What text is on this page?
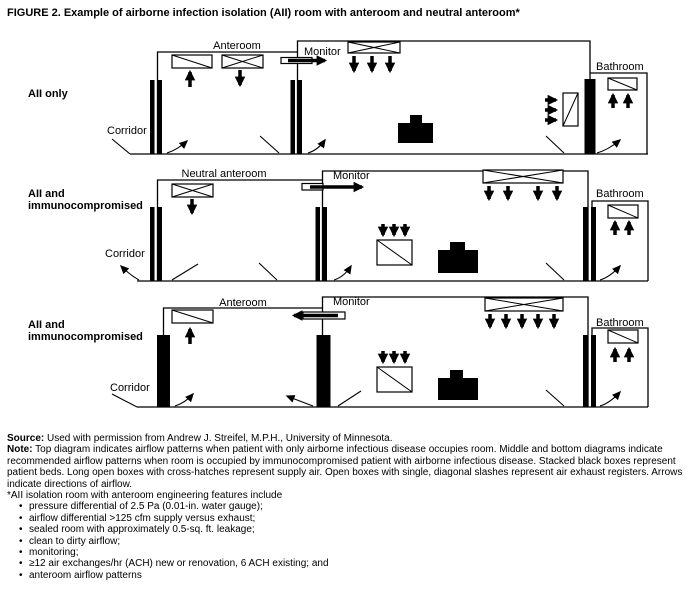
FIGURE 2. Example of airborne infection isolation (AII) room with anteroom and neutral anteroom*
AII only
AII and immunocompromised
AII and immunocompromised
Anteroom	Monitor
Bathroom
Corridor
Neutral anteroom	Monitor
Bathroom
Corridor
Anteroom	Monitor
Bathroom
Corridor

Source: Used with permission from Andrew J. Streifel, M.P.H., University of Minnesota.

Note: Top diagram indicates airflow patterns when patient with only airborne infectious disease occupies room. Middle and bottom diagrams indicate recommended airflow patterns when room is occupied by immunocompromised patient with airborne infectious disease. Stacked black boxes represent patient beds. Long open boxes with cross-hatches represent supply air. Open boxes with single, diagonal slashes represent air exhaust registers. Arrows indicate directions of airflow.

*AII isolation room with anteroom engineering features include

• pressure differential of 2.5 Pa (0.01-in. water gauge);
• airflow differential >125 cfm supply versus exhaust;
• sealed room with approximately 0.5-sq. ft. leakage;
• clean to dirty airflow;
• monitoring;
• ≥12 air exchanges/hr (ACH) new or renovation, 6 ACH existing; and
• anteroom airflow patterns
